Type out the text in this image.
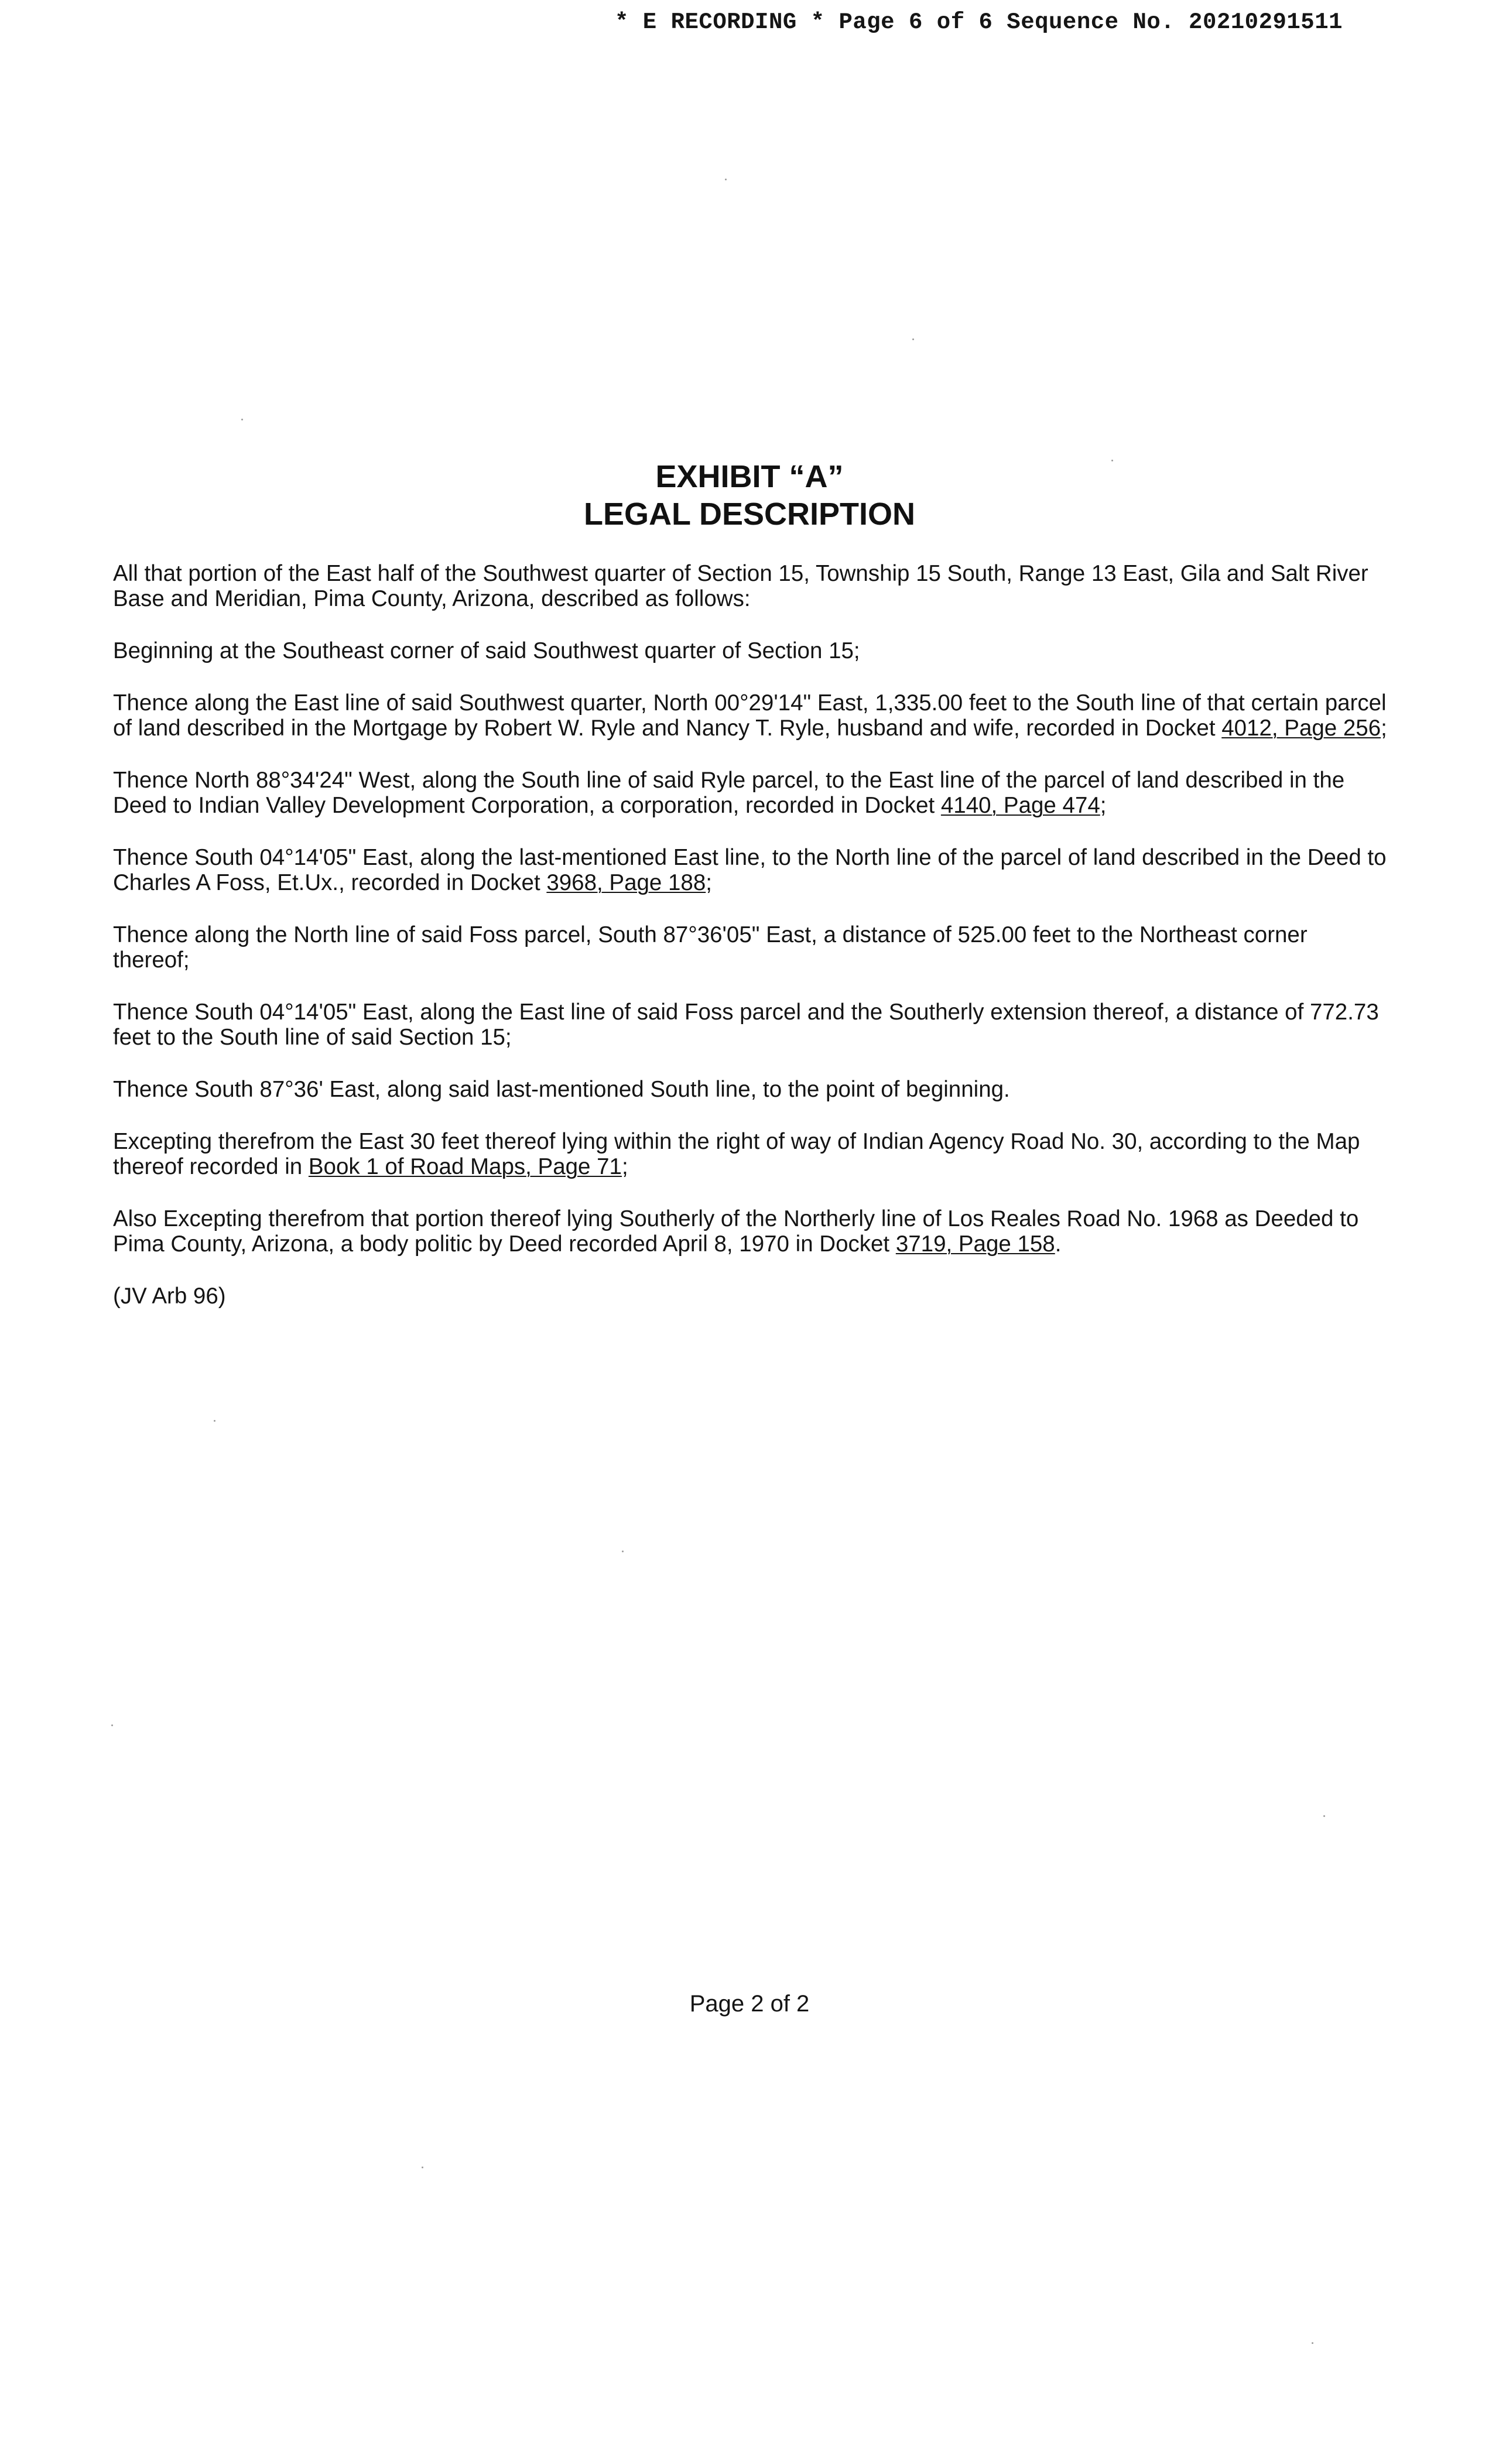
* E RECORDING * Page 6 of 6 Sequence No. 20210291511
EXHIBIT “A”
LEGAL DESCRIPTION

All that portion of the East half of the Southwest quarter of Section 15, Township 15 South, Range 13 East, Gila and Salt River Base and Meridian, Pima County, Arizona, described as follows:

Beginning at the Southeast corner of said Southwest quarter of Section 15;

Thence along the East line of said Southwest quarter, North 00°29'14" East, 1,335.00 feet to the South line of that certain parcel of land described in the Mortgage by Robert W. Ryle and Nancy T. Ryle, husband and wife, recorded in Docket 4012, Page 256;

Thence North 88°34'24" West, along the South line of said Ryle parcel, to the East line of the parcel of land described in the Deed to Indian Valley Development Corporation, a corporation, recorded in Docket 4140, Page 474;

Thence South 04°14'05" East, along the last-mentioned East line, to the North line of the parcel of land described in the Deed to Charles A Foss, Et.Ux., recorded in Docket 3968, Page 188;

Thence along the North line of said Foss parcel, South 87°36'05" East, a distance of 525.00 feet to the Northeast corner thereof;

Thence South 04°14'05" East, along the East line of said Foss parcel and the Southerly extension thereof, a distance of 772.73 feet to the South line of said Section 15;

Thence South 87°36' East, along said last-mentioned South line, to the point of beginning.

Excepting therefrom the East 30 feet thereof lying within the right of way of Indian Agency Road No. 30, according to the Map thereof recorded in Book 1 of Road Maps, Page 71;

Also Excepting therefrom that portion thereof lying Southerly of the Northerly line of Los Reales Road No. 1968 as Deeded to Pima County, Arizona, a body politic by Deed recorded April 8, 1970 in Docket 3719, Page 158.

(JV Arb 96)

Page 2 of 2
